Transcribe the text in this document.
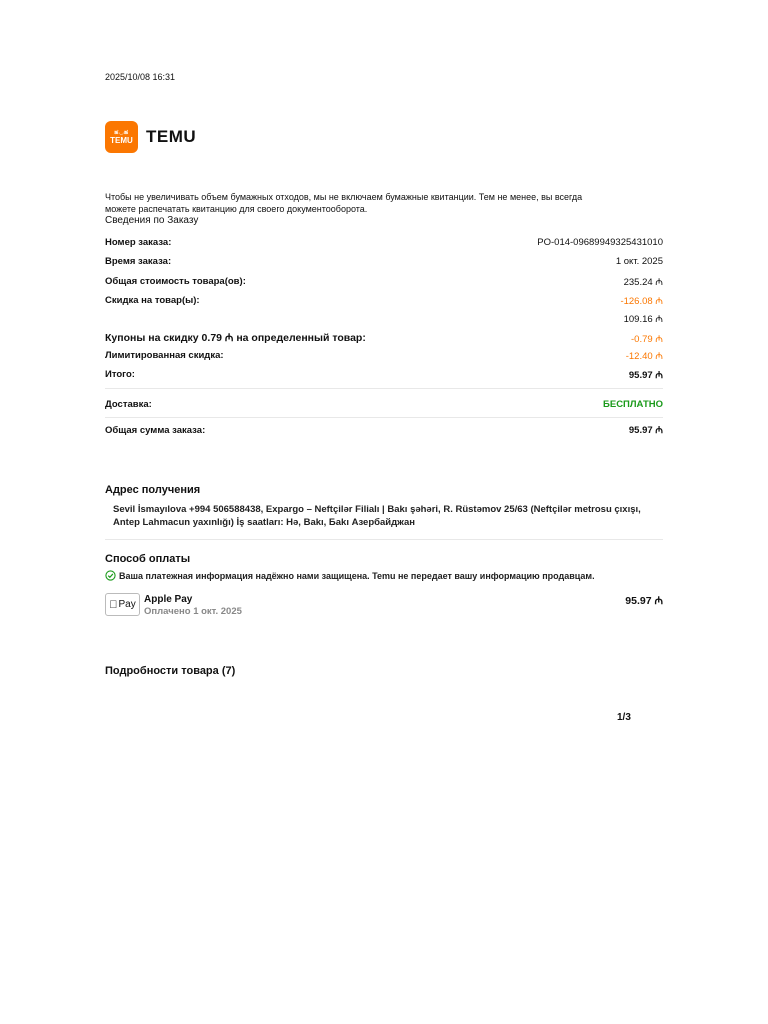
2025/10/08 16:31
ಹ◡ಹ
TEMU TEMU
Чтобы не увеличивать объем бумажных отходов, мы не включаем бумажные квитанции. Тем не менее, вы всегда можете распечатать квитанцию для своего документооборота.
Сведения по Заказу
Номер заказа:	PO-014-09689949325431010
Время заказа:	1 окт. 2025
Общая стоимость товара(ов):	235.24 ₼
Скидка на товар(ы):	-126.08 ₼
109.16 ₼
Купоны на скидку 0.79 ₼ на определенный товар:	-0.79 ₼
Лимитированная скидка:	-12.40 ₼
Итого:	95.97 ₼
Доставка:	БЕСПЛАТНО
Общая сумма заказа:	95.97 ₼
Адрес получения
Sevil İsmayılova +994 506588438, Expargo – Neftçilər Filialı | Bakı şəhəri, R. Rüstəmov 25/63 (Neftçilər metrosu çıxışı, Antep Lahmacun yaxınlığı) İş saatları: Hə, Bakı, Баkı Азербайджан
Способ оплаты
Ваша платежная информация надёжно нами защищена. Temu не передает вашу информацию продавцам.
Pay Apple Pay
Оплачено 1 окт. 2025
95.97 ₼
Подробности товара (7)
1/3
